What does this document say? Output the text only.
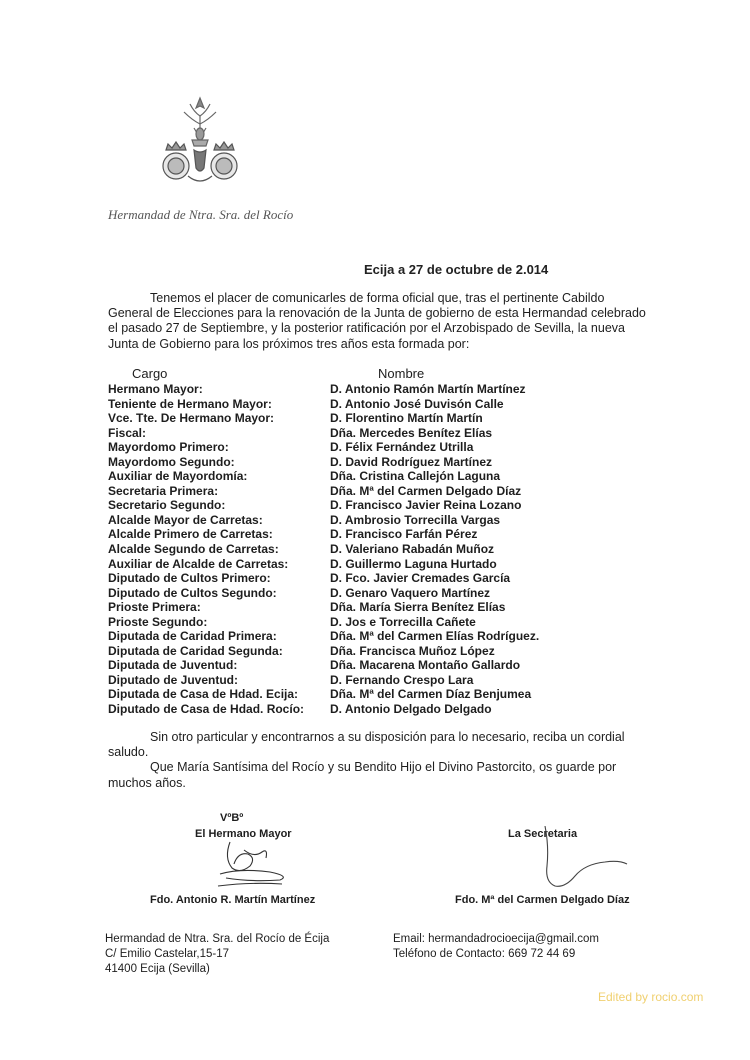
Hermandad de Ntra. Sra. del Rocío
Ecija a 27 de octubre de 2.014

Tenemos el placer de comunicarles de forma oficial que, tras el pertinente Cabildo General de Elecciones para la renovación de la Junta de gobierno de esta Hermandad celebrado el pasado 27 de Septiembre, y la posterior ratificación por el Arzobispado de Sevilla, la nueva Junta de Gobierno para los próximos tres años esta formada por:

Cargo	Nombre
Hermano Mayor:	D. Antonio Ramón Martín Martínez
Teniente de Hermano Mayor:	D. Antonio José Duvisón Calle
Vce. Tte. De Hermano Mayor:	D. Florentino Martín Martín
Fiscal:	Dña. Mercedes Benítez Elías
Mayordomo Primero:	D. Félix Fernández Utrilla
Mayordomo Segundo:	D. David Rodríguez Martínez
Auxiliar de Mayordomía:	Dña. Cristina Callejón Laguna
Secretaria Primera:	Dña. Mª del Carmen Delgado Díaz
Secretario Segundo:	D. Francisco Javier Reina Lozano
Alcalde Mayor de Carretas:	D. Ambrosio Torrecilla Vargas
Alcalde Primero de Carretas:	D. Francisco Farfán Pérez
Alcalde Segundo de Carretas:	D. Valeriano Rabadán Muñoz
Auxiliar de Alcalde de Carretas:	D. Guillermo Laguna Hurtado
Diputado de Cultos Primero:	D. Fco. Javier Cremades García
Diputado de Cultos Segundo:	D. Genaro Vaquero Martínez
Prioste Primera:	Dña. María Sierra Benítez Elías
Prioste Segundo:	D. Jos e Torrecilla Cañete
Diputada de Caridad Primera:	Dña. Mª del Carmen Elías Rodríguez.
Diputada de Caridad Segunda:	Dña. Francisca Muñoz López
Diputada de Juventud:	Dña. Macarena Montaño Gallardo
Diputado de Juventud:	D. Fernando Crespo Lara
Diputada de Casa de Hdad. Ecija:	Dña. Mª del Carmen Díaz Benjumea
Diputado de Casa de Hdad. Rocío:	D. Antonio Delgado Delgado

Sin otro particular y encontrarnos a su disposición para lo necesario, reciba un cordial saludo.

Que María Santísima del Rocío y su Bendito Hijo el Divino Pastorcito, os guarde por muchos años.

VºBº
El Hermano Mayor
Fdo. Antonio R. Martín Martínez
La Secretaria
Fdo. Mª del Carmen Delgado Díaz
Hermandad de Ntra. Sra. del Rocío de Écija
C/ Emilio Castelar,15-17
41400 Ecija (Sevilla)
Email: hermandadrocioecija@gmail.com
Teléfono de Contacto: 669 72 44 69
Edited by rocio.com
